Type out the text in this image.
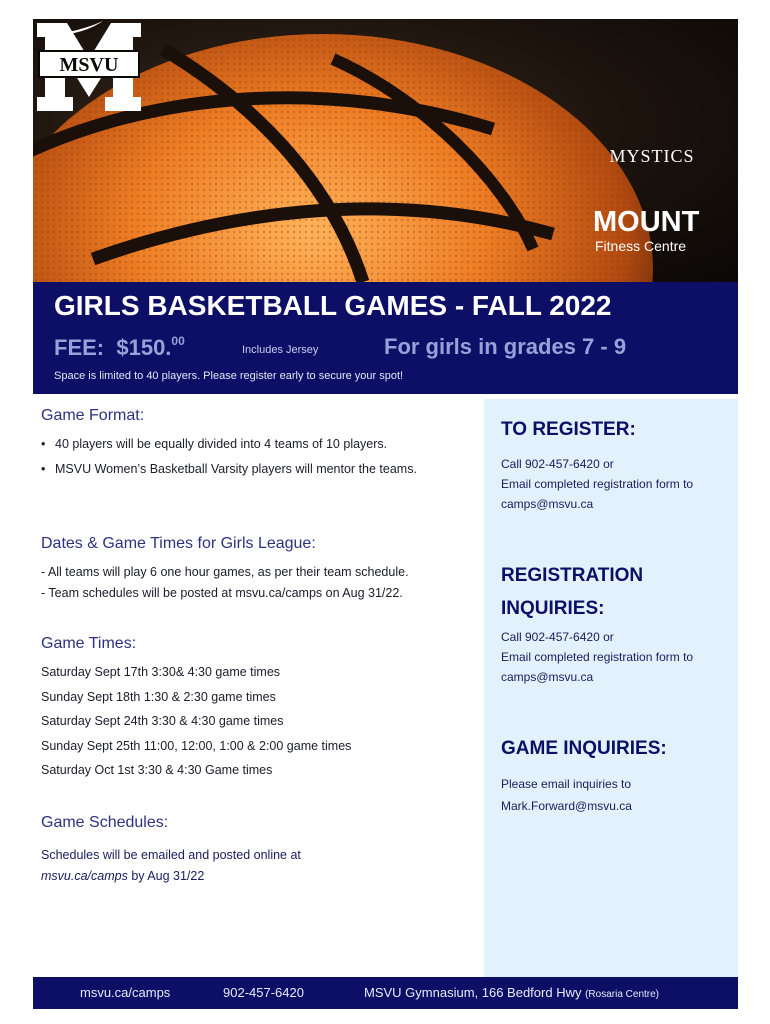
MSVU
MYSTICS
MOUNT
Fitness Centre
GIRLS BASKETBALL GAMES - FALL 2022
FEE: $150.00
Includes Jersey	For girls in grades 7 - 9
Space is limited to 40 players. Please register early to secure your spot!
Game Format:
• 40 players will be equally divided into 4 teams of 10 players.
• MSVU Women’s Basketball Varsity players will mentor the teams.
Dates & Game Times for Girls League:
- All teams will play 6 one hour games, as per their team schedule.
- Team schedules will be posted at msvu.ca/camps on Aug 31/22.
Game Times:
Saturday Sept 17th 3:30& 4:30 game times
Sunday Sept 18th 1:30 & 2:30 game times
Saturday Sept 24th 3:30 & 4:30 game times
Sunday Sept 25th 11:00, 12:00, 1:00 & 2:00 game times
Saturday Oct 1st 3:30 & 4:30 Game times
Game Schedules:
Schedules will be emailed and posted online at
msvu.ca/camps by Aug 31/22
TO REGISTER:
Call 902-457-6420 or
Email completed registration form to
camps@msvu.ca
REGISTRATION
INQUIRIES:
Call 902-457-6420 or
Email completed registration form to
camps@msvu.ca
GAME INQUIRIES:
Please email inquiries to
Mark.Forward@msvu.ca
msvu.ca/camps	902-457-6420	MSVU Gymnasium, 166 Bedford Hwy (Rosaria Centre)
